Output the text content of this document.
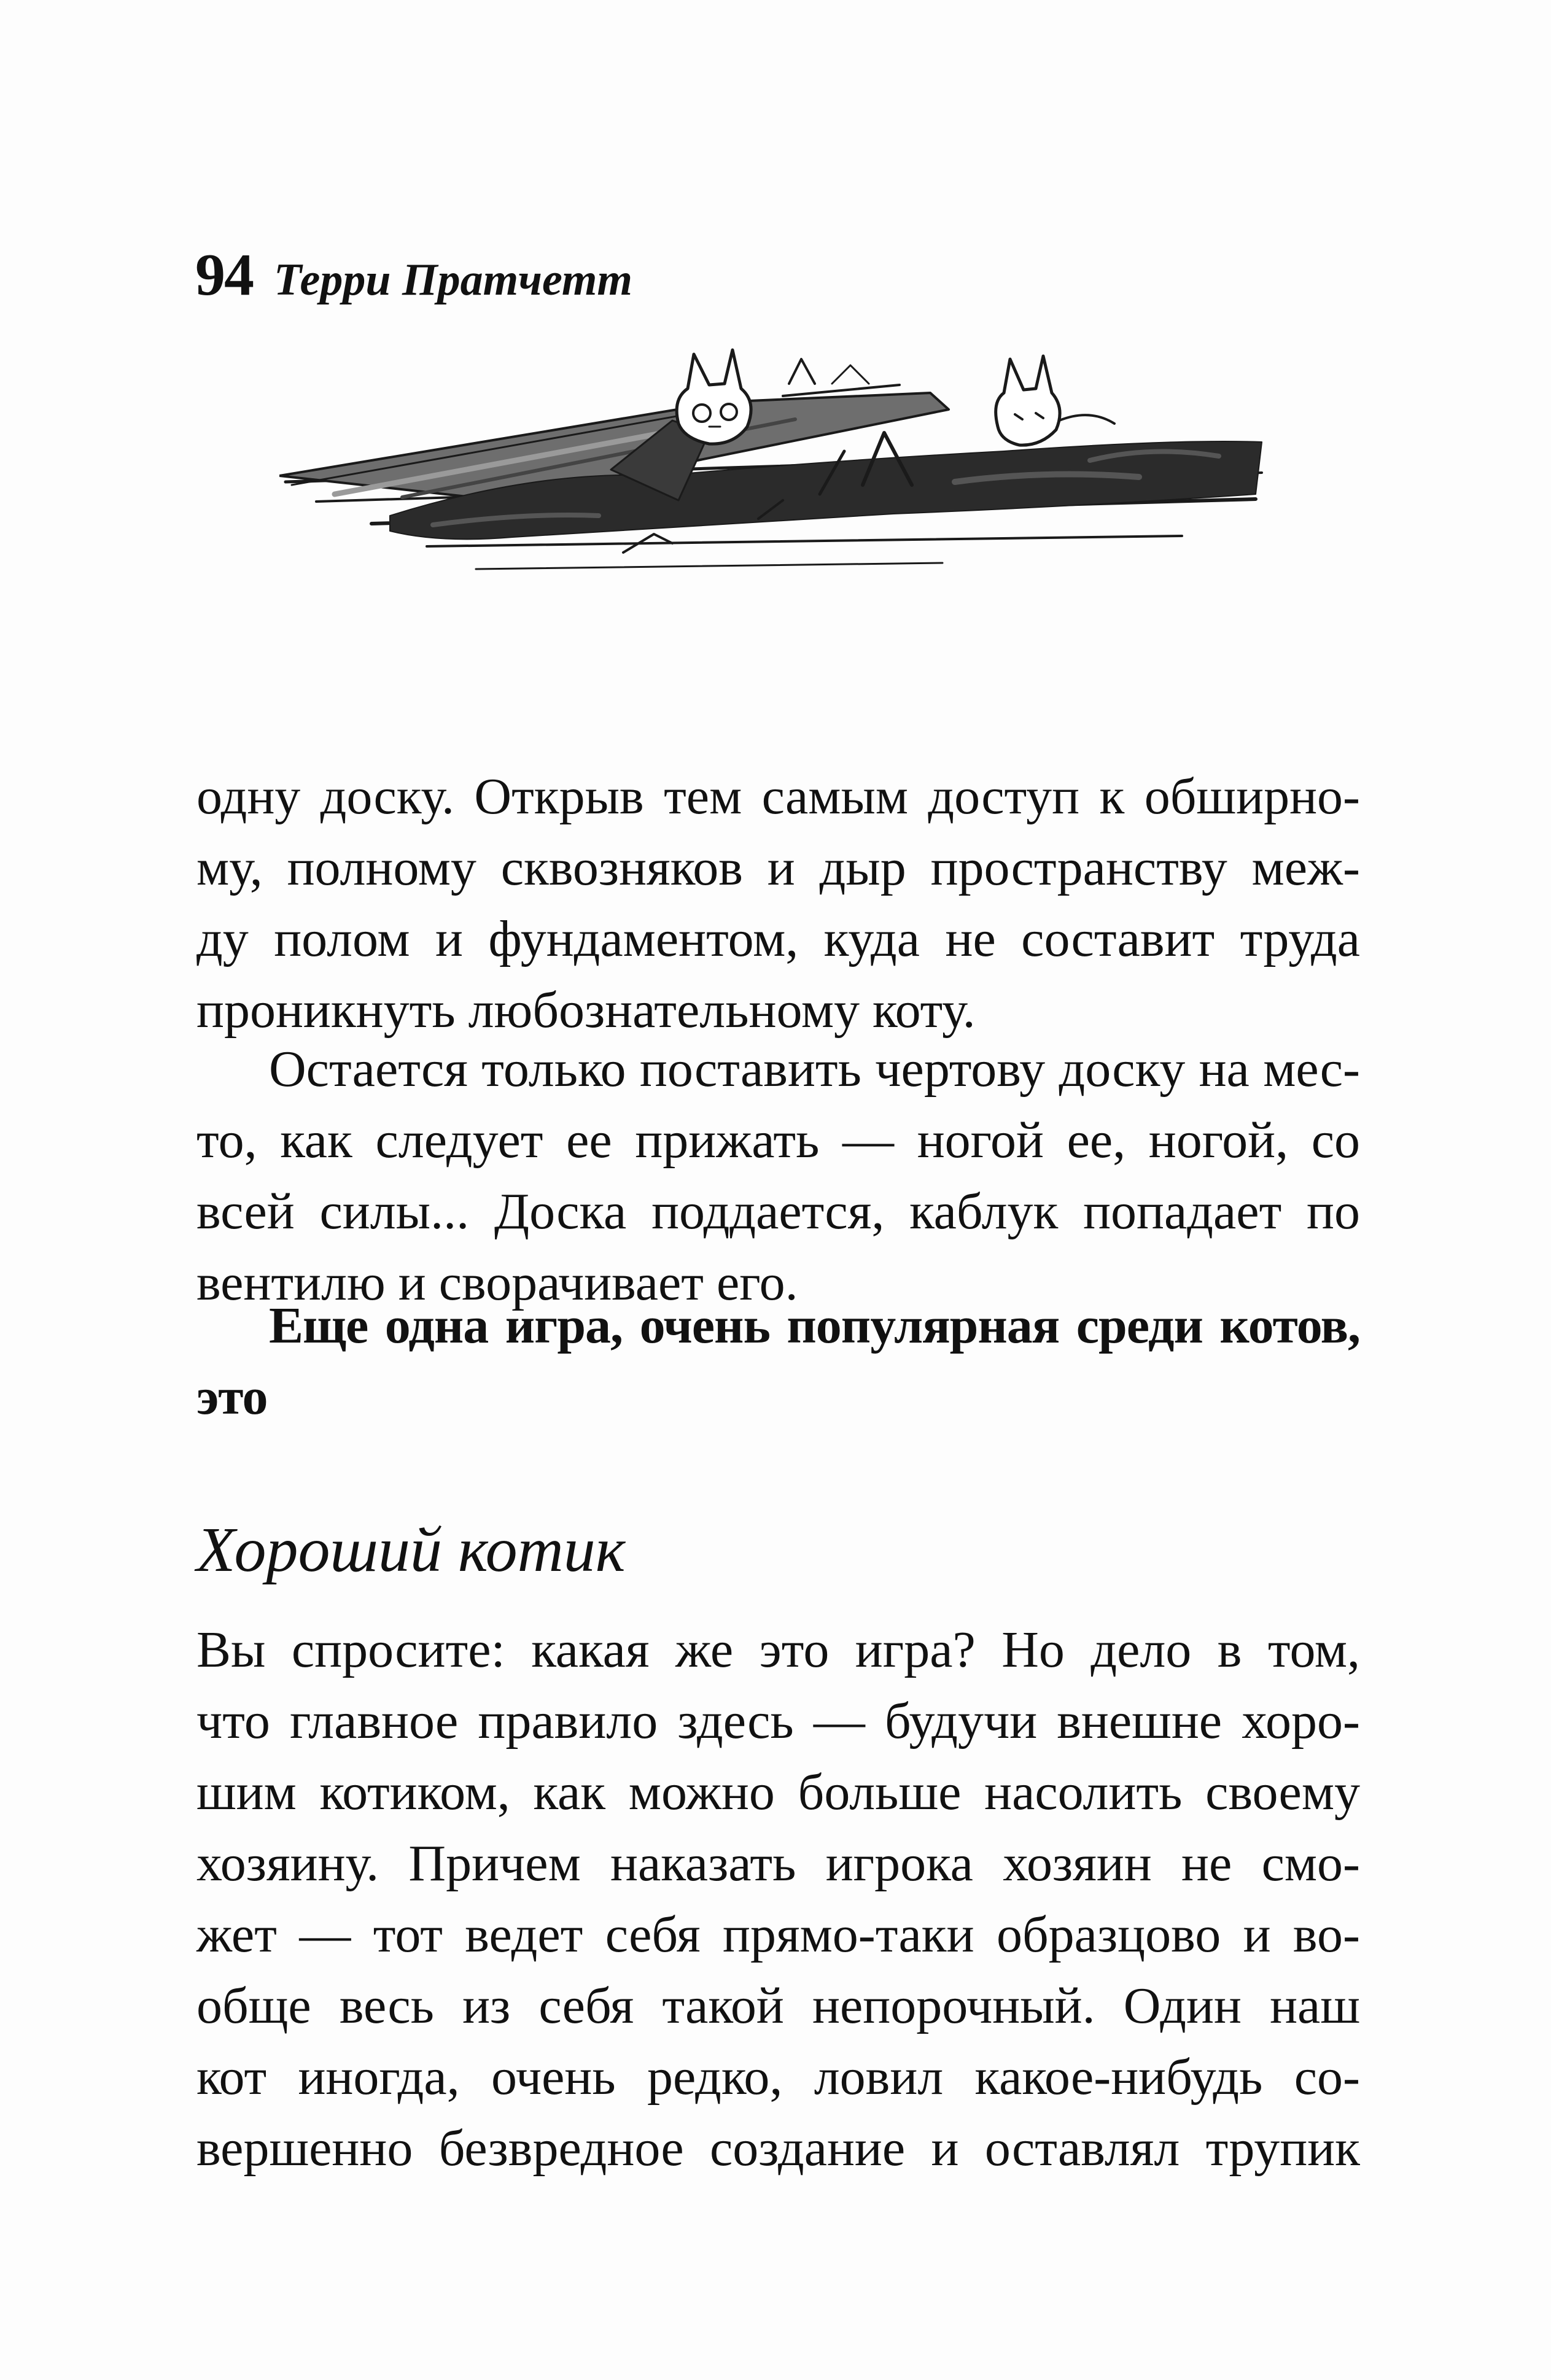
94 Терри Пратчетт
одну доску. Открыв тем самым доступ к обширно-
му, полному сквозняков и дыр пространству меж-
ду полом и фундаментом, куда не составит труда
проникнуть любознательному коту.
Остается только поставить чертову доску на мес-
то, как следует ее прижать — ногой ее, ногой, со
всей силы... Доска поддается, каблук попадает по
вентилю и сворачивает его.
Еще одна игра, очень популярная среди котов,
это
Хороший котик
Вы спросите: какая же это игра? Но дело в том,
что главное правило здесь — будучи внешне хоро-
шим котиком, как можно больше насолить своему
хозяину. Причем наказать игрока хозяин не смо-
жет — тот ведет себя прямо-таки образцово и во-
обще весь из себя такой непорочный. Один наш
кот иногда, очень редко, ловил какое-нибудь со-
вершенно безвредное создание и оставлял трупик
